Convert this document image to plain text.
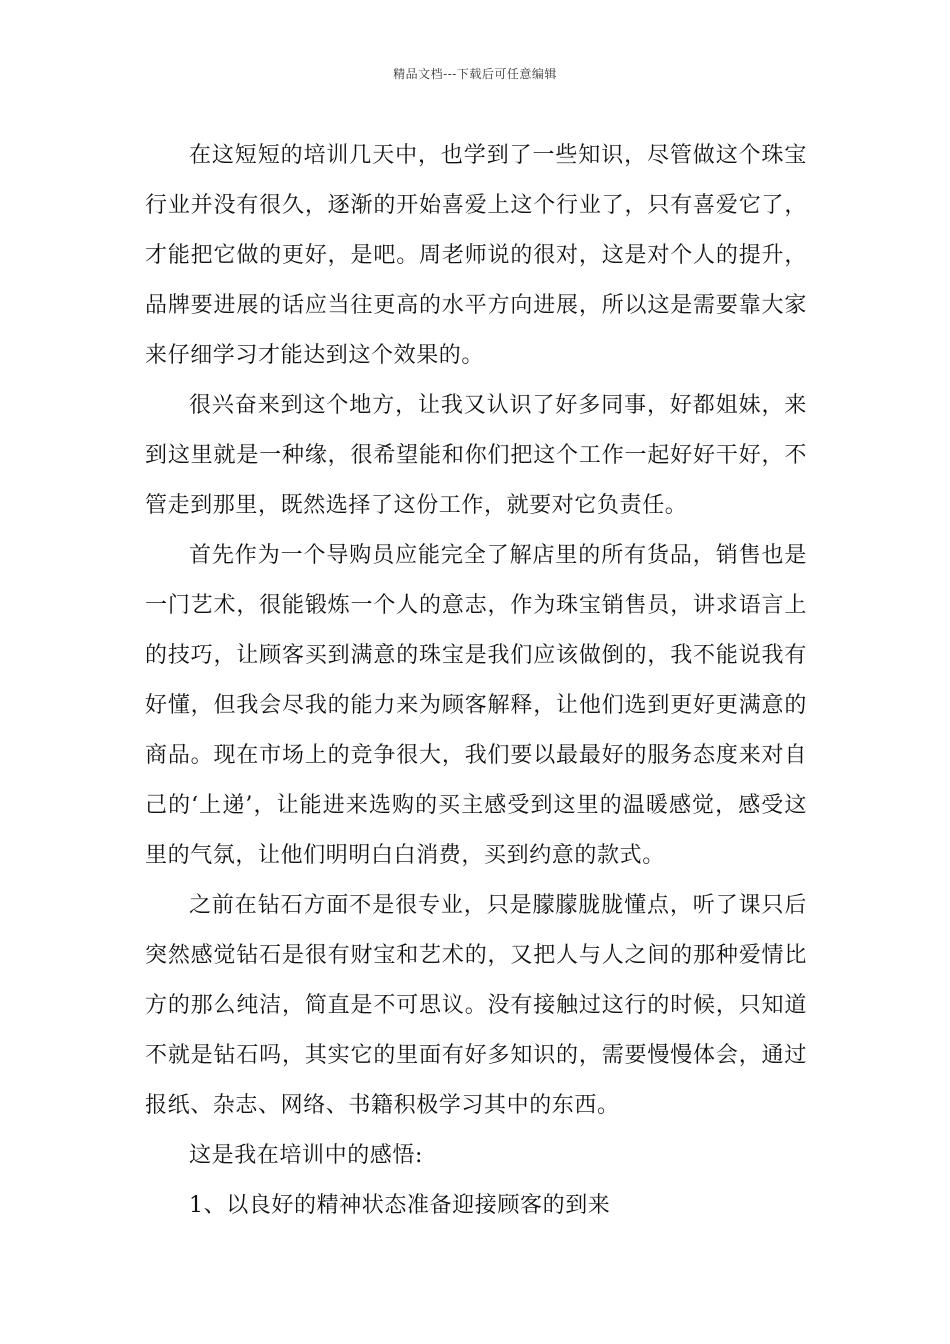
精品文档---下载后可任意编辑

在这短短的培训几天中，也学到了一些知识，尽管做这个珠宝行业并没有很久，逐渐的开始喜爱上这个行业了，只有喜爱它了，才能把它做的更好，是吧。周老师说的很对，这是对个人的提升，品牌要进展的话应当往更高的水平方向进展，所以这是需要靠大家来仔细学习才能达到这个效果的。

很兴奋来到这个地方，让我又认识了好多同事，好都姐妹，来到这里就是一种缘，很希望能和你们把这个工作一起好好干好，不管走到那里，既然选择了这份工作，就要对它负责任。

首先作为一个导购员应能完全了解店里的所有货品，销售也是一门艺术，很能锻炼一个人的意志，作为珠宝销售员，讲求语言上的技巧，让顾客买到满意的珠宝是我们应该做倒的，我不能说我有好懂，但我会尽我的能力来为顾客解释，让他们选到更好更满意的商品。现在市场上的竞争很大，我们要以最最好的服务态度来对自己的‘上递’，让能进来选购的买主感受到这里的温暖感觉，感受这里的气氛，让他们明明白白消费，买到约意的款式。

之前在钻石方面不是很专业，只是朦朦胧胧懂点，听了课只后突然感觉钻石是很有财宝和艺术的，又把人与人之间的那种爱情比方的那么纯洁，简直是不可思议。没有接触过这行的时候，只知道不就是钻石吗，其实它的里面有好多知识的，需要慢慢体会，通过报纸、杂志、网络、书籍积极学习其中的东西。

这是我在培训中的感悟:

1、以良好的精神状态准备迎接顾客的到来
